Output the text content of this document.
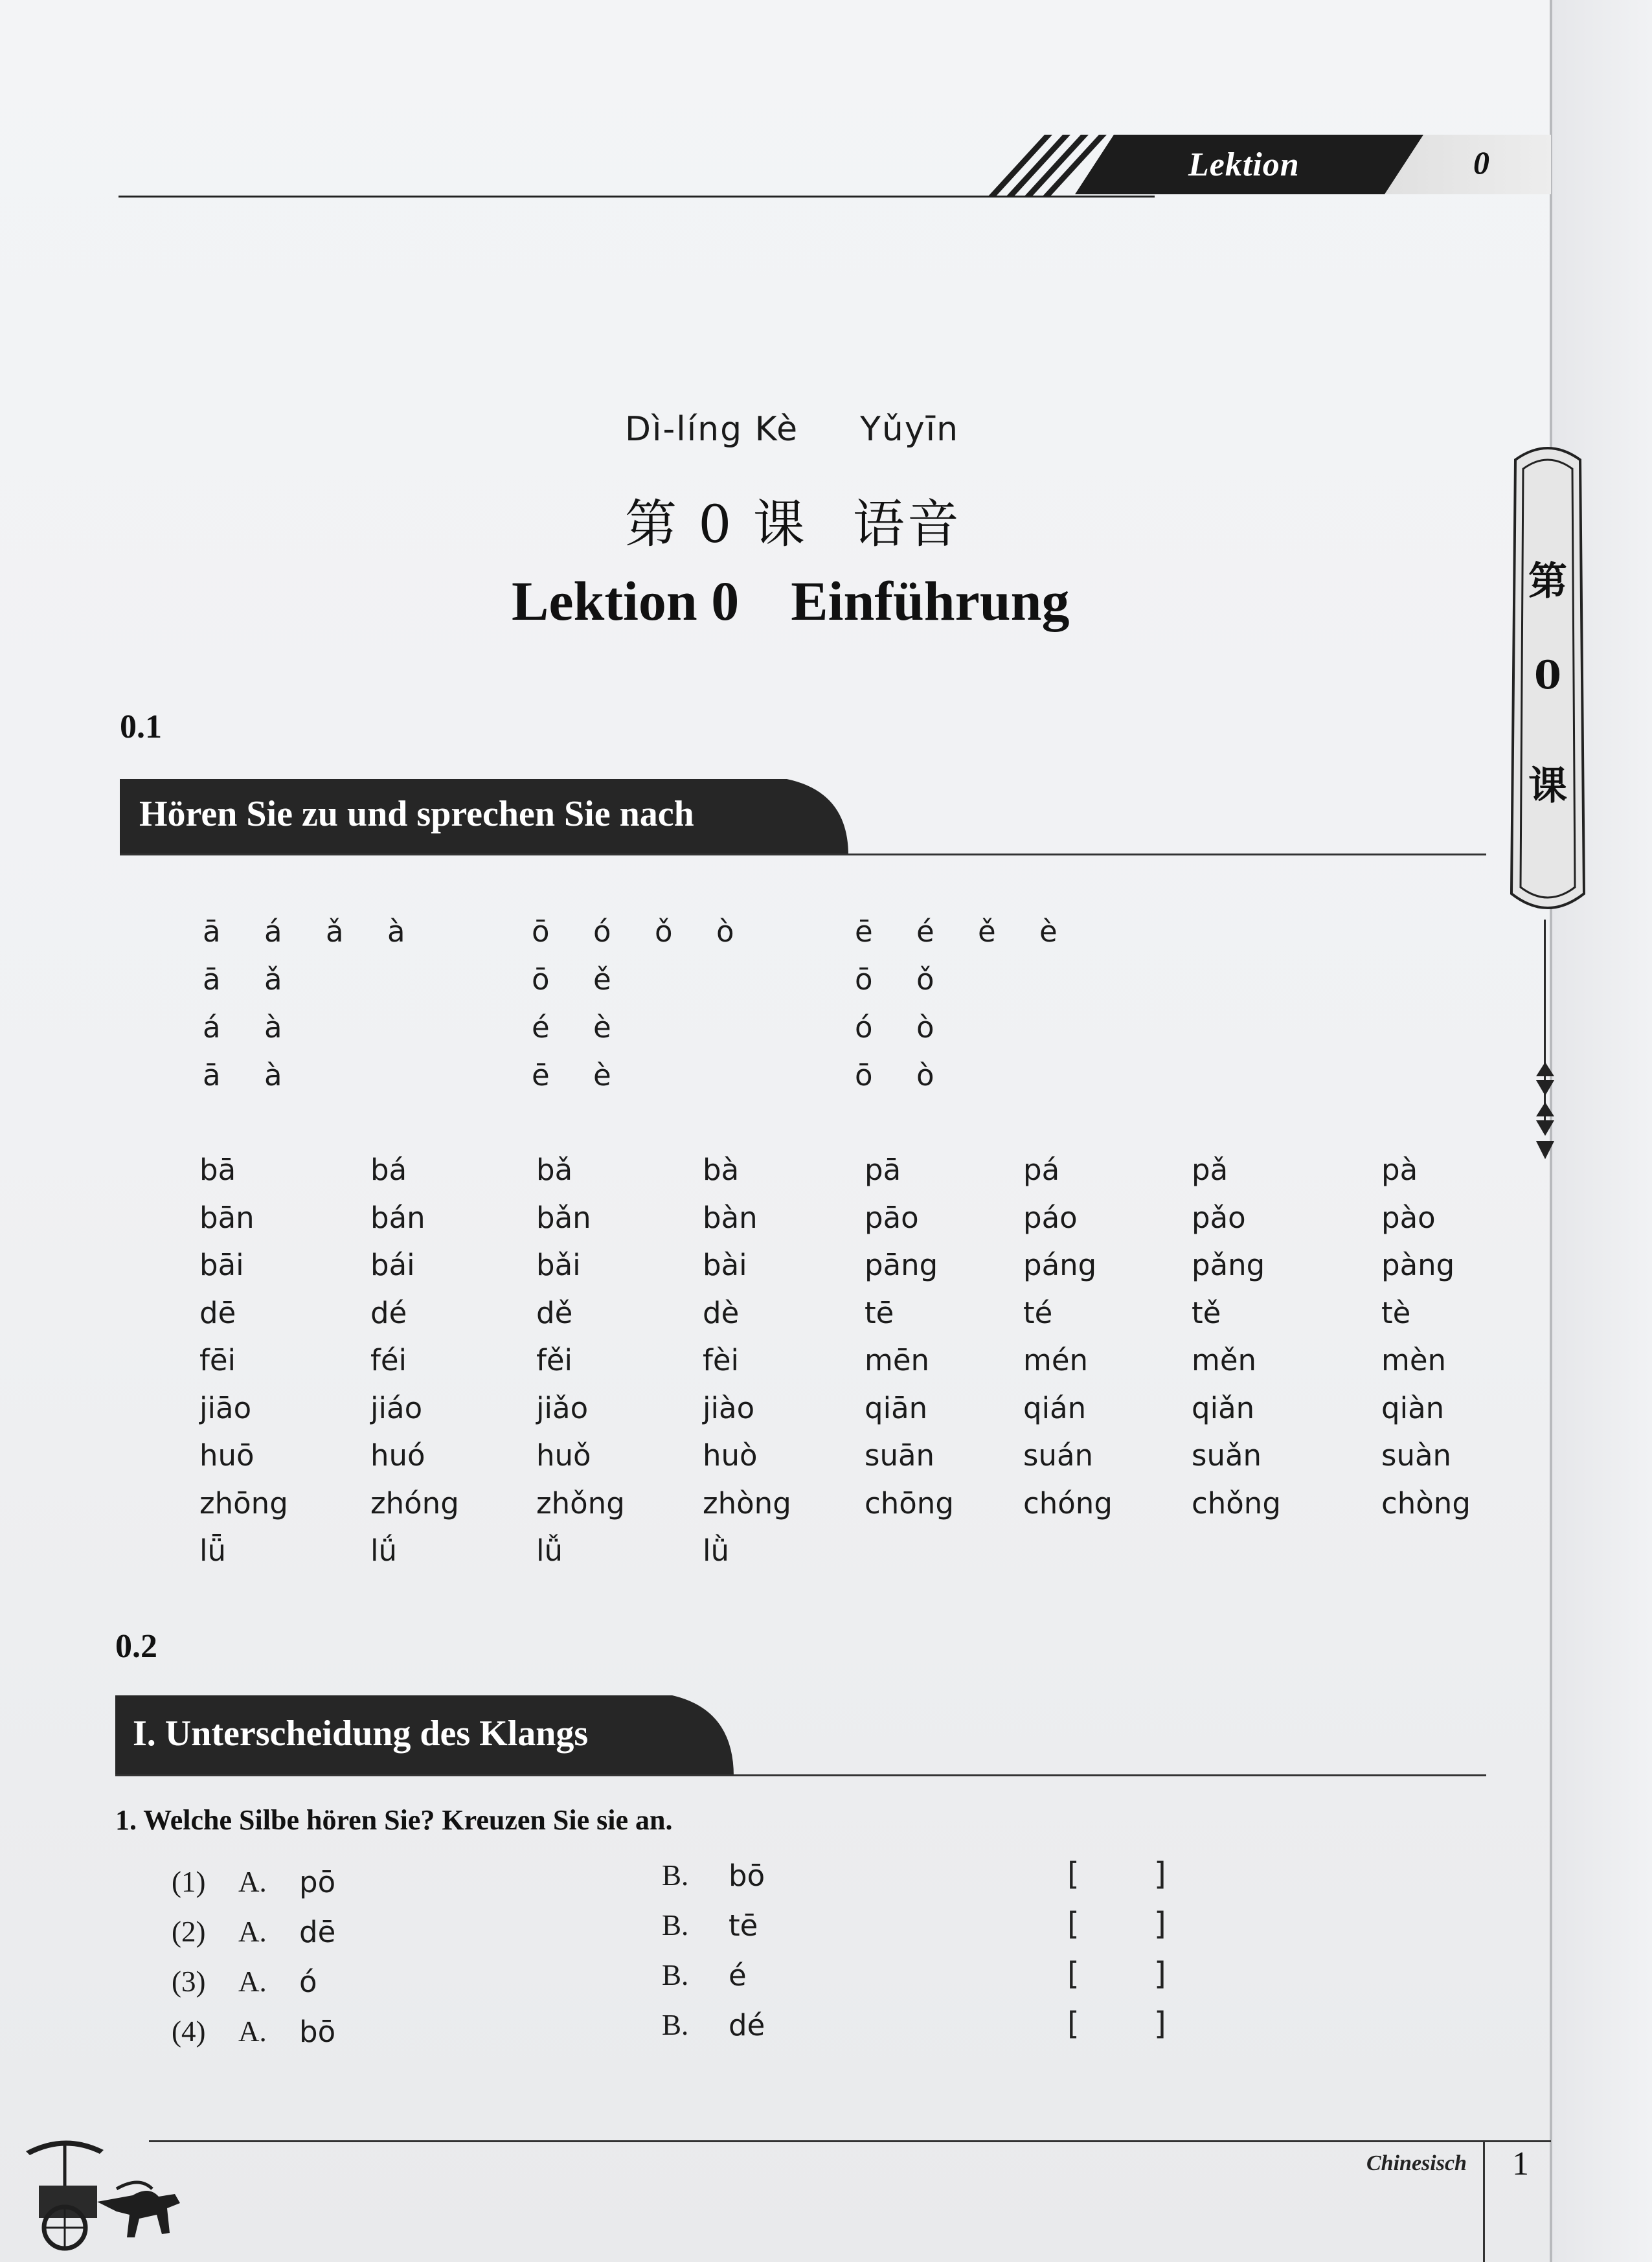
Lektion	0
第
0
课
Dì-líng Kè Yǔyīn
第 0 课 语音
Lektion 0 Einführung
0.1
Hören Sie zu und sprechen Sie nach
ā á ǎ à	ō ó ǒ ò	ē é ě è
ā ǎ	ō ě	ō ǒ
á à	é è	ó ò
ā à	ē è	ō ò
bā	bá	bǎ	bà	pā	pá	pǎ	pà
bān	bán	bǎn	bàn	pāo	páo	pǎo	pào
bāi	bái	bǎi	bài	pāng	páng	pǎng	pàng
dē	dé	dě	dè	tē	té	tě	tè
fēi	féi	fěi	fèi	mēn	mén	měn	mèn
jiāo	jiáo	jiǎo	jiào	qiān	qián	qiǎn	qiàn
huō	huó	huǒ	huò	suān	suán	suǎn	suàn
zhōng	zhóng	zhǒng	zhòng	chōng chóng	chǒng	chòng
lǖ	lǘ	lǚ	lǜ
0.2
I. Unterscheidung des Klangs
1. Welche Silbe hören Sie? Kreuzen Sie sie an.
(1) A. pō	B. bō	[ ]
(2) A. dē	B. tē	[ ]
(3) A. ó	B. é	[ ]
(4) A. bō	B. dé	[ ]
Chinesisch 1
